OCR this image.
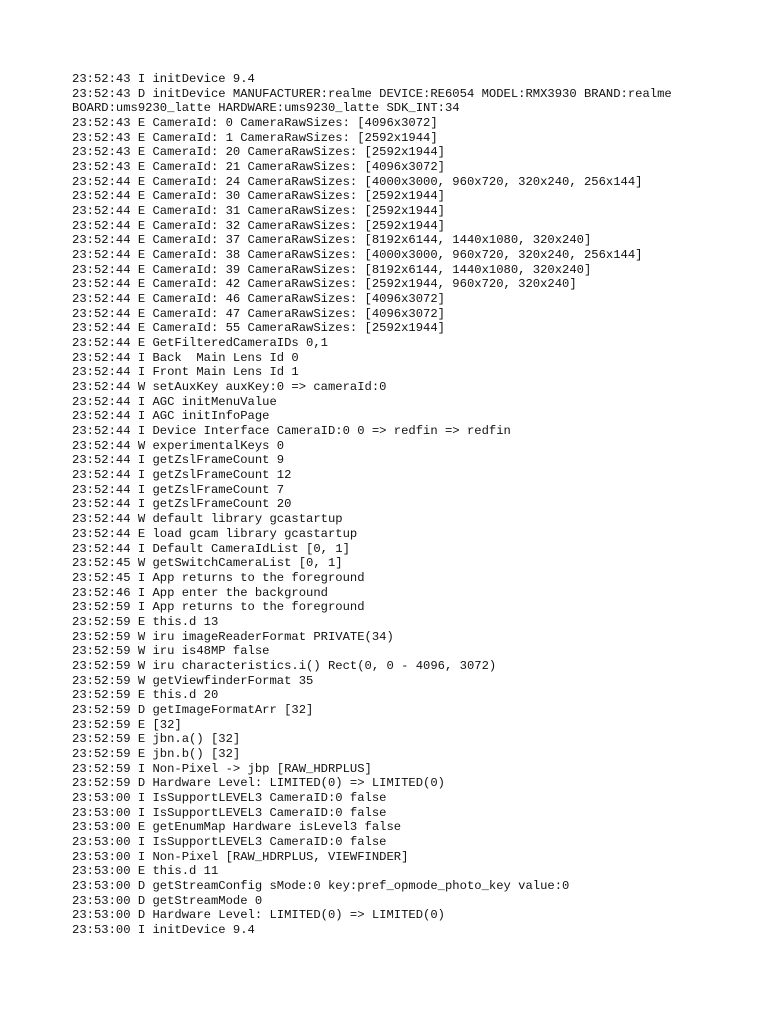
23:52:43 I initDevice 9.4
23:52:43 D initDevice MANUFACTURER:realme DEVICE:RE6054 MODEL:RMX3930 BRAND:realme
BOARD:ums9230_latte HARDWARE:ums9230_latte SDK_INT:34
23:52:43 E CameraId: 0 CameraRawSizes: [4096x3072]
23:52:43 E CameraId: 1 CameraRawSizes: [2592x1944]
23:52:43 E CameraId: 20 CameraRawSizes: [2592x1944]
23:52:43 E CameraId: 21 CameraRawSizes: [4096x3072]
23:52:44 E CameraId: 24 CameraRawSizes: [4000x3000, 960x720, 320x240, 256x144]
23:52:44 E CameraId: 30 CameraRawSizes: [2592x1944]
23:52:44 E CameraId: 31 CameraRawSizes: [2592x1944]
23:52:44 E CameraId: 32 CameraRawSizes: [2592x1944]
23:52:44 E CameraId: 37 CameraRawSizes: [8192x6144, 1440x1080, 320x240]
23:52:44 E CameraId: 38 CameraRawSizes: [4000x3000, 960x720, 320x240, 256x144]
23:52:44 E CameraId: 39 CameraRawSizes: [8192x6144, 1440x1080, 320x240]
23:52:44 E CameraId: 42 CameraRawSizes: [2592x1944, 960x720, 320x240]
23:52:44 E CameraId: 46 CameraRawSizes: [4096x3072]
23:52:44 E CameraId: 47 CameraRawSizes: [4096x3072]
23:52:44 E CameraId: 55 CameraRawSizes: [2592x1944]
23:52:44 E GetFilteredCameraIDs 0,1
23:52:44 I Back  Main Lens Id 0
23:52:44 I Front Main Lens Id 1
23:52:44 W setAuxKey auxKey:0 => cameraId:0
23:52:44 I AGC initMenuValue
23:52:44 I AGC initInfoPage
23:52:44 I Device Interface CameraID:0 0 => redfin => redfin
23:52:44 W experimentalKeys 0
23:52:44 I getZslFrameCount 9
23:52:44 I getZslFrameCount 12
23:52:44 I getZslFrameCount 7
23:52:44 I getZslFrameCount 20
23:52:44 W default library gcastartup
23:52:44 E load gcam library gcastartup
23:52:44 I Default CameraIdList [0, 1]
23:52:45 W getSwitchCameraList [0, 1]
23:52:45 I App returns to the foreground
23:52:46 I App enter the background
23:52:59 I App returns to the foreground
23:52:59 E this.d 13
23:52:59 W iru imageReaderFormat PRIVATE(34)
23:52:59 W iru is48MP false
23:52:59 W iru characteristics.i() Rect(0, 0 - 4096, 3072)
23:52:59 W getViewfinderFormat 35
23:52:59 E this.d 20
23:52:59 D getImageFormatArr [32]
23:52:59 E [32]
23:52:59 E jbn.a() [32]
23:52:59 E jbn.b() [32]
23:52:59 I Non-Pixel -> jbp [RAW_HDRPLUS]
23:52:59 D Hardware Level: LIMITED(0) => LIMITED(0)
23:53:00 I IsSupportLEVEL3 CameraID:0 false
23:53:00 I IsSupportLEVEL3 CameraID:0 false
23:53:00 E getEnumMap Hardware isLevel3 false
23:53:00 I IsSupportLEVEL3 CameraID:0 false
23:53:00 I Non-Pixel [RAW_HDRPLUS, VIEWFINDER]
23:53:00 E this.d 11
23:53:00 D getStreamConfig sMode:0 key:pref_opmode_photo_key value:0
23:53:00 D getStreamMode 0
23:53:00 D Hardware Level: LIMITED(0) => LIMITED(0)
23:53:00 I initDevice 9.4
